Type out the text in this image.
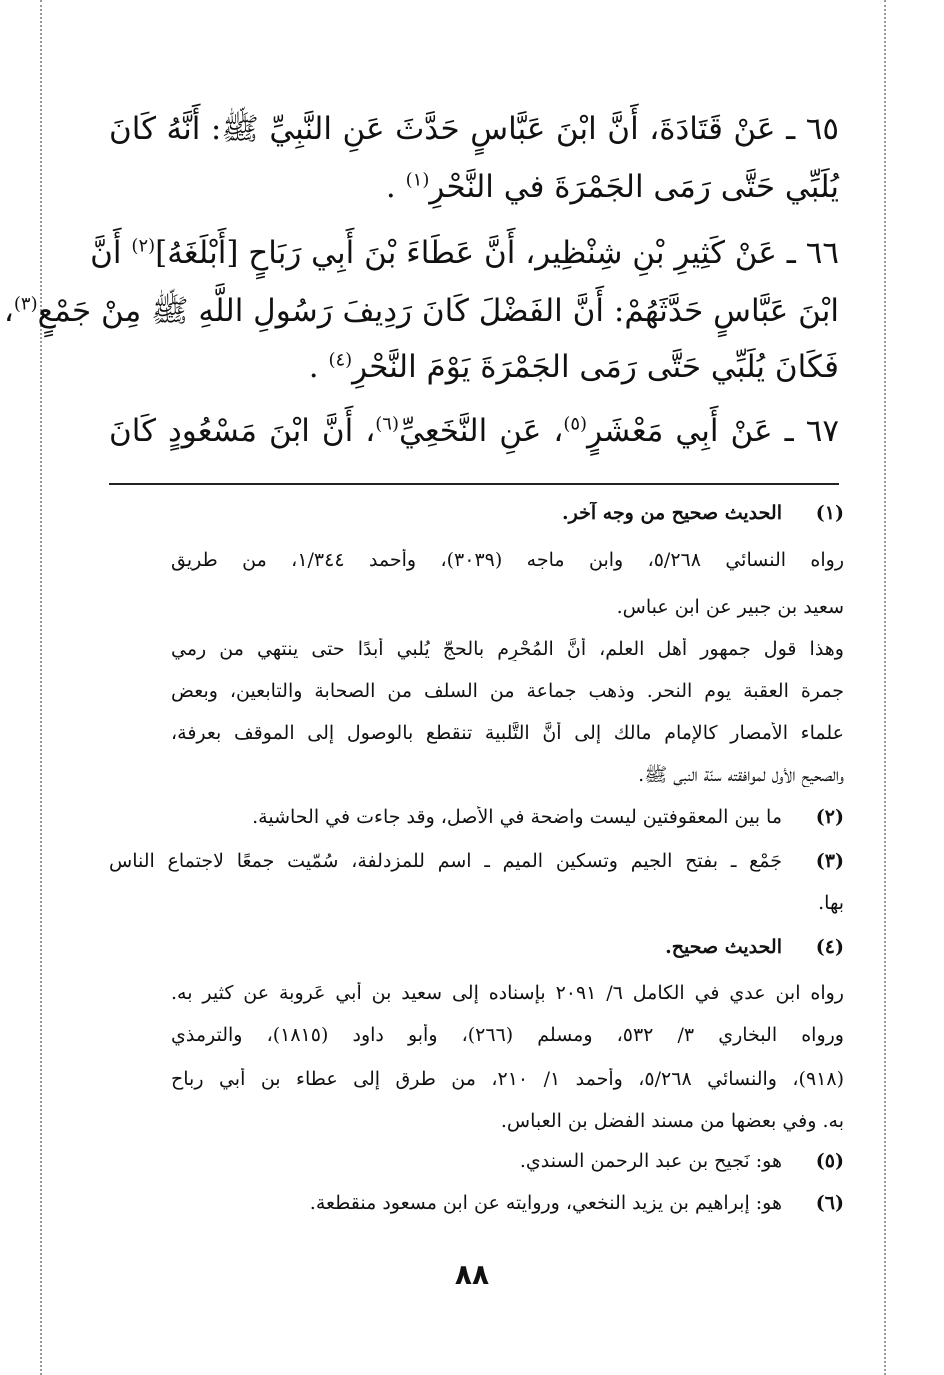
٦٥ ـ عَنْ قَتَادَةَ، أَنَّ ابْنَ عَبَّاسٍ حَدَّثَ عَنِ النَّبِيِّ ﷺ: أَنَّهُ كَانَ
يُلَبِّي حَتَّى رَمَى الجَمْرَةَ في النَّحْرِ$^{(١)}$ .
٦٦ ـ عَنْ كَثِيرِ بْنِ شِنْظِير، أَنَّ عَطَاءَ بْنَ أَبِي رَبَاحٍ [أَبْلَغَهُ]$^{(٢)}$ أَنَّ
ابْنَ عَبَّاسٍ حَدَّثَهُمْ: أَنَّ الفَضْلَ كَانَ رَدِيفَ رَسُولِ اللَّهِ ﷺ مِنْ جَمْعٍ$^{(٣)}$،
فَكَانَ يُلَبِّي حَتَّى رَمَى الجَمْرَةَ يَوْمَ النَّحْرِ$^{(٤)}$ .
٦٧ ـ عَنْ أَبِي مَعْشَرٍ$^{(٥)}$، عَنِ النَّخَعِيِّ$^{(٦)}$، أَنَّ ابْنَ مَسْعُودٍ كَانَ
(١)
الحديث صحيح من وجه آخر.
رواه النسائي ٥/٢٦٨، وابن ماجه (٣٠٣٩)، وأحمد ١/٣٤٤، من طريق
سعيد بن جبير عن ابن عباس.
وهذا قول جمهور أهل العلم، أنَّ المُحْرِم بالحجّ يُلبي أبدًا حتى ينتهي من رمي
جمرة العقبة يوم النحر. وذهب جماعة من السلف من الصحابة والتابعين، وبعض
علماء الأمصار كالإمام مالك إلى أنَّ التَّلبية تنقطع بالوصول إلى الموقف بعرفة،
والصحيح الأول لموافقته سنّة النبي ﷺ.
(٢)
ما بين المعقوفتين ليست واضحة في الأصل، وقد جاءت في الحاشية.
(٣)
جَمْع ـ بفتح الجيم وتسكين الميم ـ اسم للمزدلفة، سُمّيت جمعًا لاجتماع الناس
بها.
(٤)
الحديث صحيح.
رواه ابن عدي في الكامل ٦/ ٢٠٩١ بإسناده إلى سعيد بن أبي عَروبة عن كثير به.
ورواه البخاري ٣/ ٥٣٢، ومسلم (٢٦٦)، وأبو داود (١٨١٥)، والترمذي
(٩١٨)، والنسائي ٥/٢٦٨، وأحمد ١/ ٢١٠، من طرق إلى عطاء بن أبي رباح
به. وفي بعضها من مسند الفضل بن العباس.
(٥)
هو: نَجيح بن عبد الرحمن السندي.
(٦)
هو: إبراهيم بن يزيد النخعي، وروايته عن ابن مسعود منقطعة.
٨٨
